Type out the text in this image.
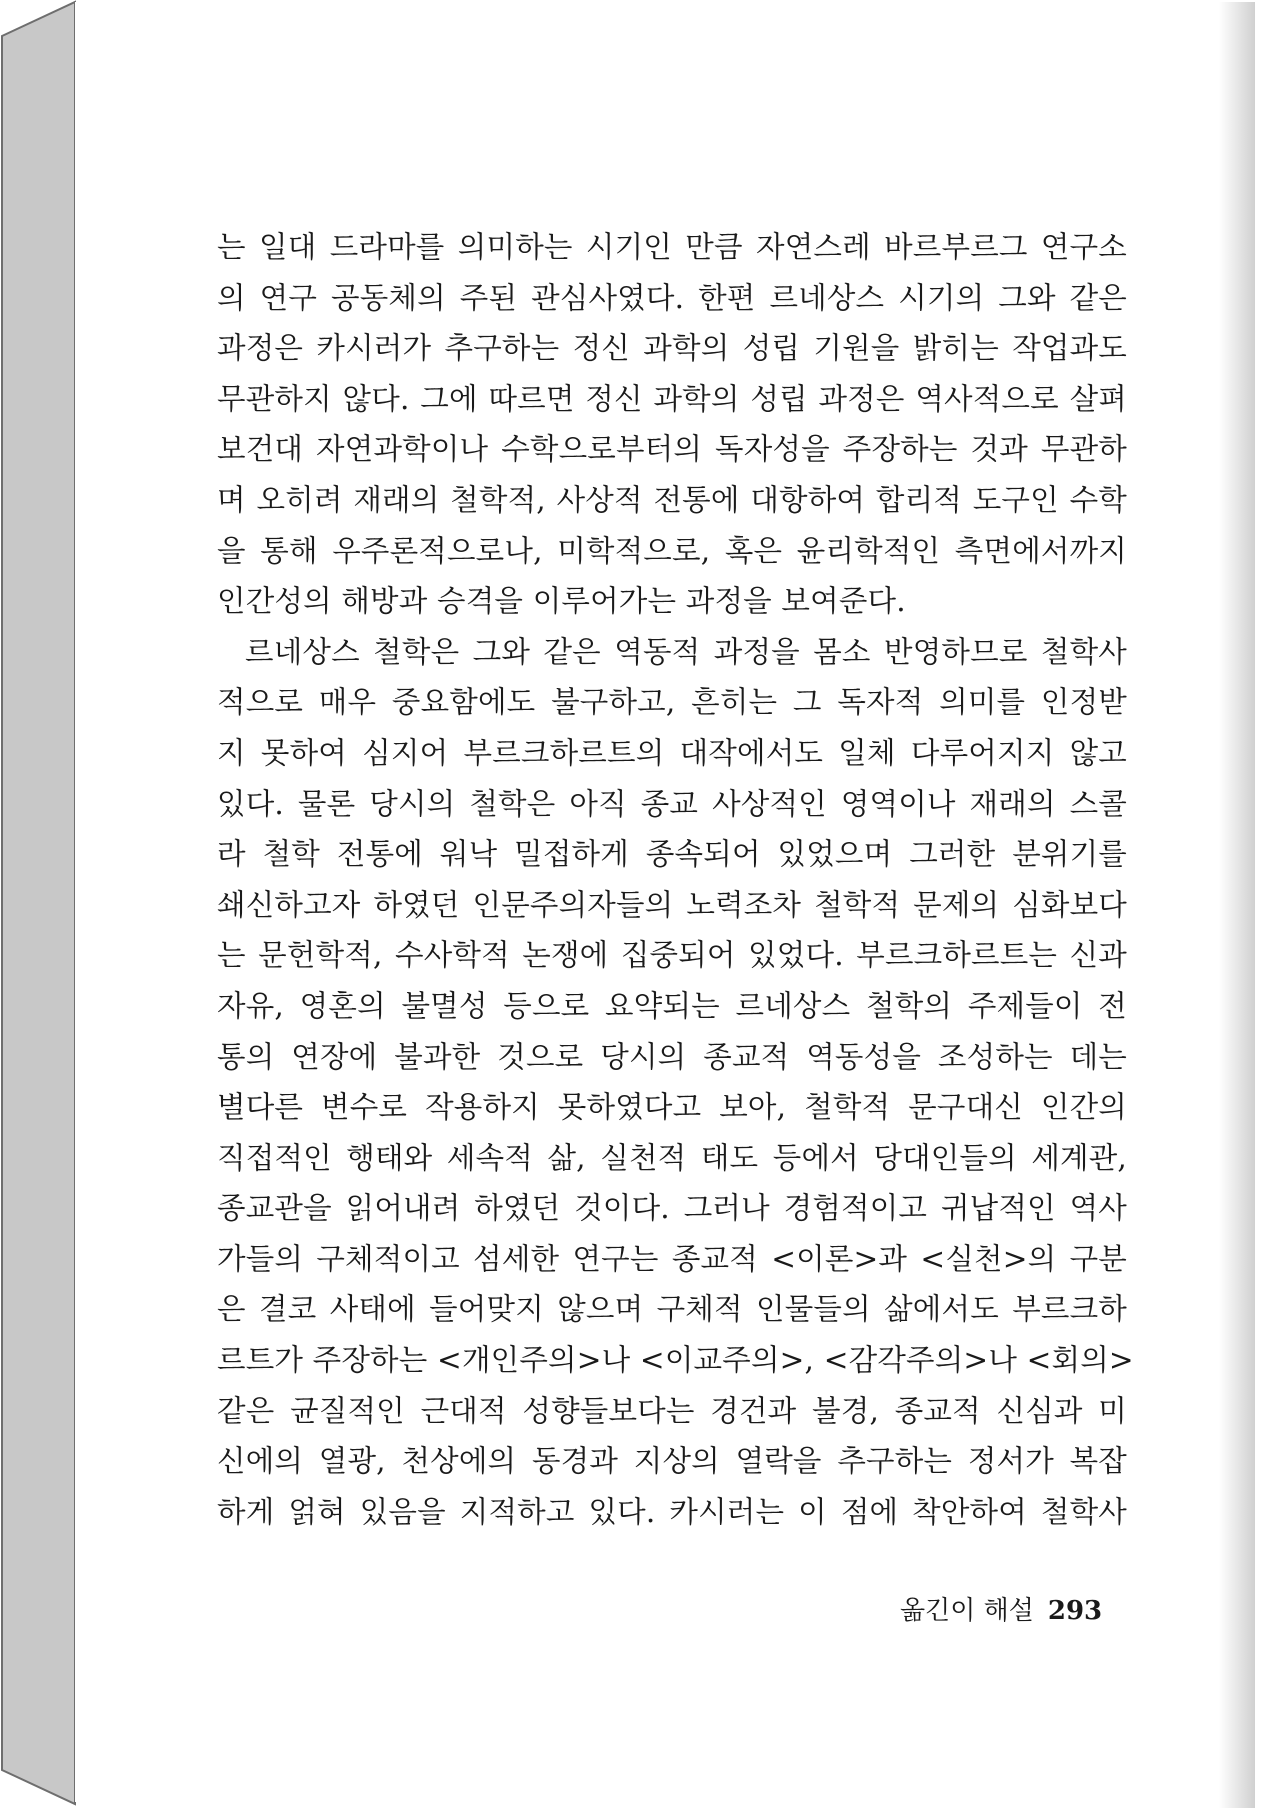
는 일대 드라마를 의미하는 시기인 만큼 자연스레 바르부르그 연구소
의 연구 공동체의 주된 관심사였다. 한편 르네상스 시기의 그와 같은
과정은 카시러가 추구하는 정신 과학의 성립 기원을 밝히는 작업과도
무관하지 않다. 그에 따르면 정신 과학의 성립 과정은 역사적으로 살펴
보건대 자연과학이나 수학으로부터의 독자성을 주장하는 것과 무관하
며 오히려 재래의 철학적, 사상적 전통에 대항하여 합리적 도구인 수학
을 통해 우주론적으로나, 미학적으로, 혹은 윤리학적인 측면에서까지
인간성의 해방과 승격을 이루어가는 과정을 보여준다.
르네상스 철학은 그와 같은 역동적 과정을 몸소 반영하므로 철학사
적으로 매우 중요함에도 불구하고, 흔히는 그 독자적 의미를 인정받
지 못하여 심지어 부르크하르트의 대작에서도 일체 다루어지지 않고
있다. 물론 당시의 철학은 아직 종교 사상적인 영역이나 재래의 스콜
라 철학 전통에 워낙 밀접하게 종속되어 있었으며 그러한 분위기를
쇄신하고자 하였던 인문주의자들의 노력조차 철학적 문제의 심화보다
는 문헌학적, 수사학적 논쟁에 집중되어 있었다. 부르크하르트는 신과
자유, 영혼의 불멸성 등으로 요약되는 르네상스 철학의 주제들이 전
통의 연장에 불과한 것으로 당시의 종교적 역동성을 조성하는 데는
별다른 변수로 작용하지 못하였다고 보아, 철학적 문구대신 인간의
직접적인 행태와 세속적 삶, 실천적 태도 등에서 당대인들의 세계관,
종교관을 읽어내려 하였던 것이다. 그러나 경험적이고 귀납적인 역사
가들의 구체적이고 섬세한 연구는 종교적 <이론>과 <실천>의 구분
은 결코 사태에 들어맞지 않으며 구체적 인물들의 삶에서도 부르크하
르트가 주장하는 <개인주의>나 <이교주의>, <감각주의>나 <회의>
같은 균질적인 근대적 성향들보다는 경건과 불경, 종교적 신심과 미
신에의 열광, 천상에의 동경과 지상의 열락을 추구하는 정서가 복잡
하게 얽혀 있음을 지적하고 있다. 카시러는 이 점에 착안하여 철학사
옮긴이 해설 293
